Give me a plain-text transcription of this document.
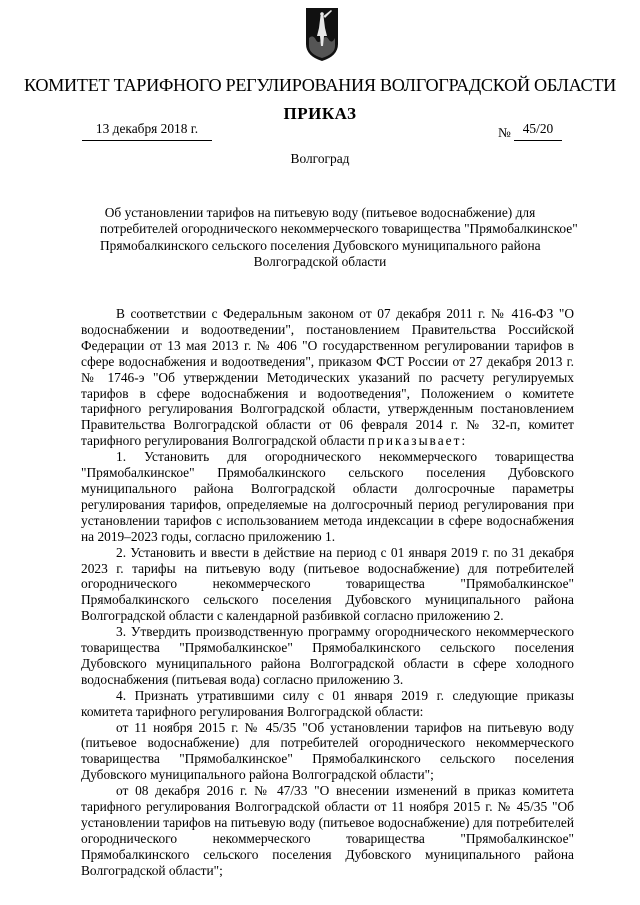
КОМИТЕТ ТАРИФНОГО РЕГУЛИРОВАНИЯ ВОЛГОГРАДСКОЙ ОБЛАСТИ
ПРИКАЗ
13 декабря 2018 г.	№ 45/20
Волгоград
Об установлении тарифов на питьевую воду (питьевое водоснабжение) для
потребителей огороднического некоммерческого товарищества "Прямобалкинское"
Прямобалкинского сельского поселения Дубовского муниципального района
Волгоградской области

В соответствии с Федеральным законом от 07 декабря 2011 г. № 416-ФЗ "О водоснабжении и водоотведении", постановлением Правительства Российской Федерации от 13 мая 2013 г. № 406 "О государственном регулировании тарифов в сфере водоснабжения и водоотведения", приказом ФСТ России от 27 декабря 2013 г. № 1746-э "Об утверждении Методических указаний по расчету регулируемых тарифов в сфере водоснабжения и водоотведения", Положением о комитете тарифного регулирования Волгоградской области, утвержденным постановлением Правительства Волгоградской области от 06 февраля 2014 г. № 32-п, комитет тарифного регулирования Волгоградской области приказывает:

1. Установить для огороднического некоммерческого товарищества "Прямобалкинское" Прямобалкинского сельского поселения Дубовского муниципального района Волгоградской области долгосрочные параметры регулирования тарифов, определяемые на долгосрочный период регулирования при установлении тарифов с использованием метода индексации в сфере водоснабжения на 2019–2023 годы, согласно приложению 1.

2. Установить и ввести в действие на период с 01 января 2019 г. по 31 декабря 2023 г. тарифы на питьевую воду (питьевое водоснабжение) для потребителей огороднического некоммерческого товарищества "Прямобалкинское" Прямобалкинского сельского поселения Дубовского муниципального района Волгоградской области с календарной разбивкой согласно приложению 2.

3. Утвердить производственную программу огороднического некоммерческого товарищества "Прямобалкинское" Прямобалкинского сельского поселения Дубовского муниципального района Волгоградской области в сфере холодного водоснабжения (питьевая вода) согласно приложению 3.

4. Признать утратившими силу с 01 января 2019 г. следующие приказы комитета тарифного регулирования Волгоградской области:

от 11 ноября 2015 г. № 45/35 "Об установлении тарифов на питьевую воду (питьевое водоснабжение) для потребителей огороднического некоммерческого товарищества "Прямобалкинское" Прямобалкинского сельского поселения Дубовского муниципального района Волгоградской области";

от 08 декабря 2016 г. № 47/33 "О внесении изменений в приказ комитета тарифного регулирования Волгоградской области от 11 ноября 2015 г. № 45/35 "Об установлении тарифов на питьевую воду (питьевое водоснабжение) для потребителей огороднического некоммерческого товарищества "Прямобалкинское" Прямобалкинского сельского поселения Дубовского муниципального района Волгоградской области";
